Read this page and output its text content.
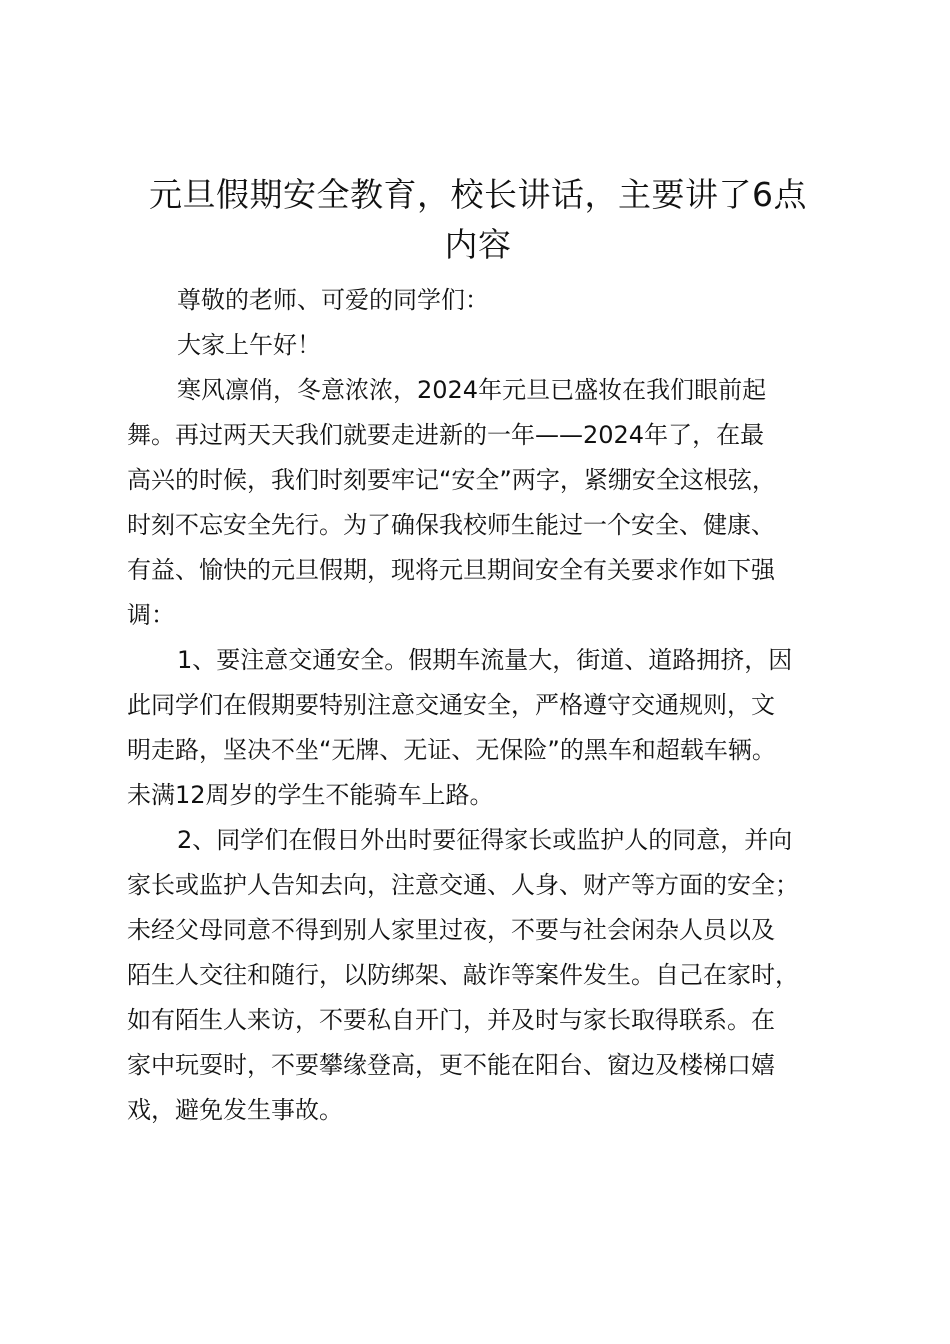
元旦假期安全教育，校长讲话，主要讲了6点
内容
尊敬的老师、可爱的同学们：
大家上午好！
寒风凛俏，冬意浓浓，2024年元旦已盛妆在我们眼前起
舞。再过两天天我们就要走进新的一年——2024年了，在最
高兴的时候，我们时刻要牢记“安全”两字，紧绷安全这根弦，
时刻不忘安全先行。为了确保我校师生能过一个安全、健康、
有益、愉快的元旦假期，现将元旦期间安全有关要求作如下强
调：
1、要注意交通安全。假期车流量大，街道、道路拥挤，因
此同学们在假期要特别注意交通安全，严格遵守交通规则，文
明走路，坚决不坐“无牌、无证、无保险”的黑车和超载车辆。
未满12周岁的学生不能骑车上路。
2、同学们在假日外出时要征得家长或监护人的同意，并向
家长或监护人告知去向，注意交通、人身、财产等方面的安全；
未经父母同意不得到别人家里过夜，不要与社会闲杂人员以及
陌生人交往和随行，以防绑架、敲诈等案件发生。自己在家时，
如有陌生人来访，不要私自开门，并及时与家长取得联系。在
家中玩耍时，不要攀缘登高，更不能在阳台、窗边及楼梯口嬉
戏，避免发生事故。
